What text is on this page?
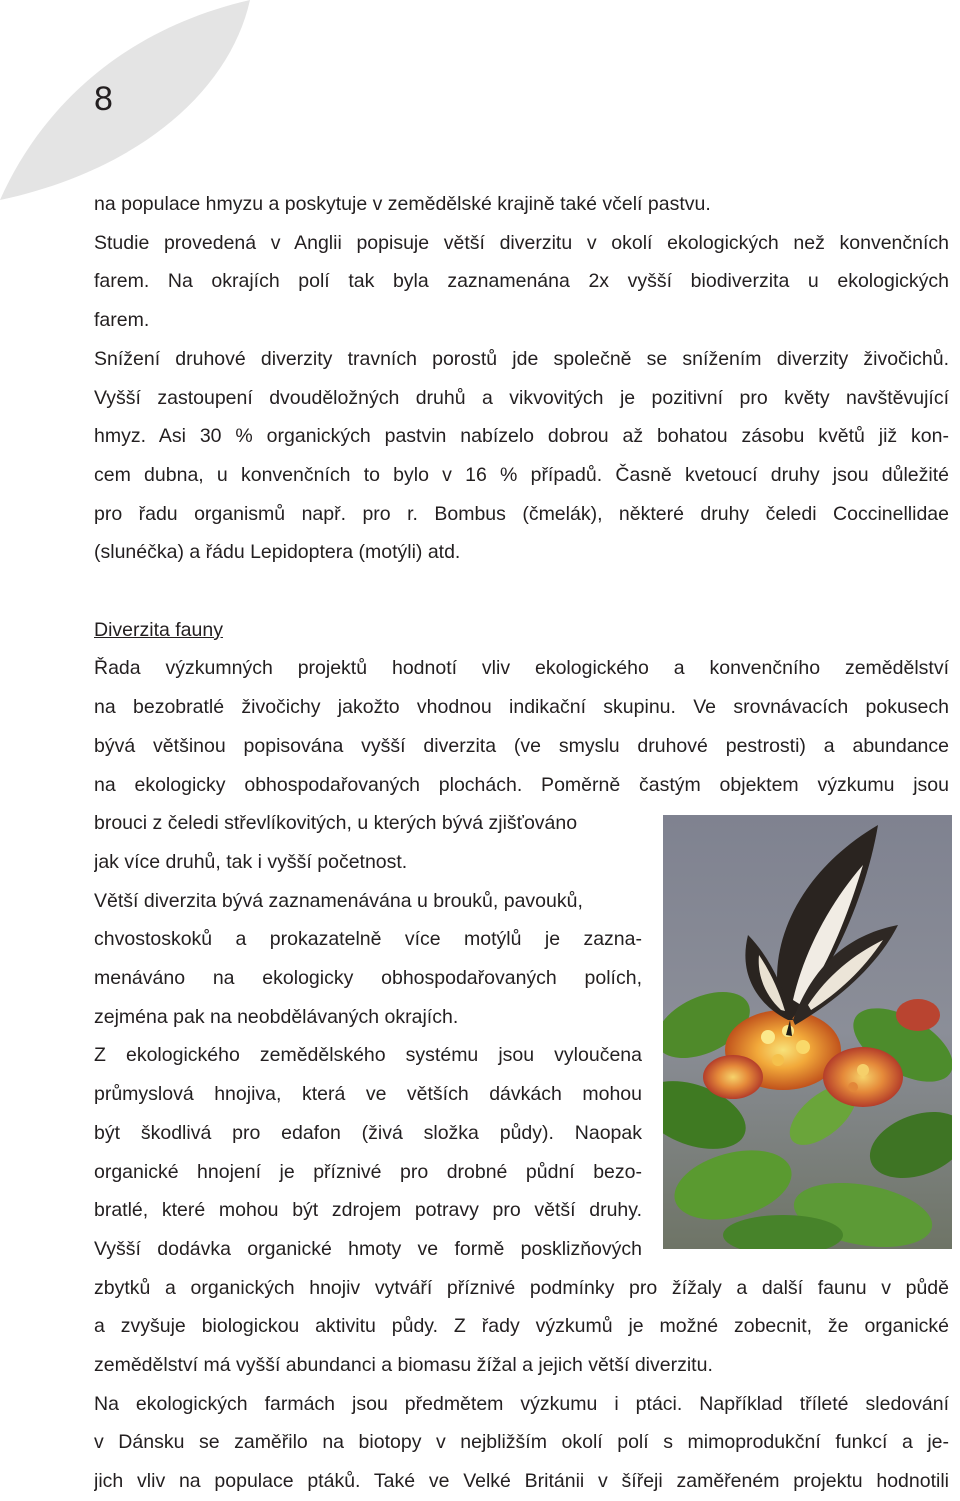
8
na populace hmyzu a poskytuje v zemědělské krajině také včelí pastvu.
Studie provedená v Anglii popisuje větší diverzitu v okolí ekologických než konvenčních
farem. Na okrajích polí tak byla zaznamenána 2x vyšší biodiverzita u ekologických
farem.
Snížení druhové diverzity travních porostů jde společně se snížením diverzity živočichů.
Vyšší zastoupení dvouděložných druhů a vikvovitých je pozitivní pro květy navštěvující
hmyz. Asi 30 % organických pastvin nabízelo dobrou až bohatou zásobu květů již kon-
cem dubna, u konvenčních to bylo v 16 % případů. Časně kvetoucí druhy jsou důležité
pro řadu organismů např. pro r. Bombus (čmelák), některé druhy čeledi Coccinellidae
(slunéčka) a řádu Lepidoptera (motýli) atd.
Diverzita fauny
Řada výzkumných projektů hodnotí vliv ekologického a konvenčního zemědělství
na bezobratlé živočichy jakožto vhodnou indikační skupinu. Ve srovnávacích pokusech
bývá většinou popisována vyšší diverzita (ve smyslu druhové pestrosti) a abundance
na ekologicky obhospodařovaných plochách. Poměrně častým objektem výzkumu jsou
brouci z čeledi střevlíkovitých, u kterých bývá zjišťováno
jak více druhů, tak i vyšší početnost.
Větší diverzita bývá zaznamenávána u brouků, pavouků,
chvostoskoků a prokazatelně více motýlů je zazna-
menáváno na ekologicky obhospodařovaných polích,
zejména pak na neobdělávaných okrajích.
Z ekologického zemědělského systému jsou vyloučena
průmyslová hnojiva, která ve větších dávkách mohou
být škodlivá pro edafon (živá složka půdy). Naopak
organické hnojení je příznivé pro drobné půdní bezo-
bratlé, které mohou být zdrojem potravy pro větší druhy.
Vyšší dodávka organické hmoty ve formě posklizňových
zbytků a organických hnojiv vytváří příznivé podmínky pro žížaly a další faunu v půdě
a zvyšuje biologickou aktivitu půdy. Z řady výzkumů je možné zobecnit, že organické
zemědělství má vyšší abundanci a biomasu žížal a jejich větší diverzitu.
Na ekologických farmách jsou předmětem výzkumu i ptáci. Například tříleté sledování
v Dánsku se zaměřilo na biotopy v nejbližším okolí polí s mimoprodukční funkcí a je-
jich vliv na populace ptáků. Také ve Velké Británii v šířeji zaměřeném projektu hodnotili
